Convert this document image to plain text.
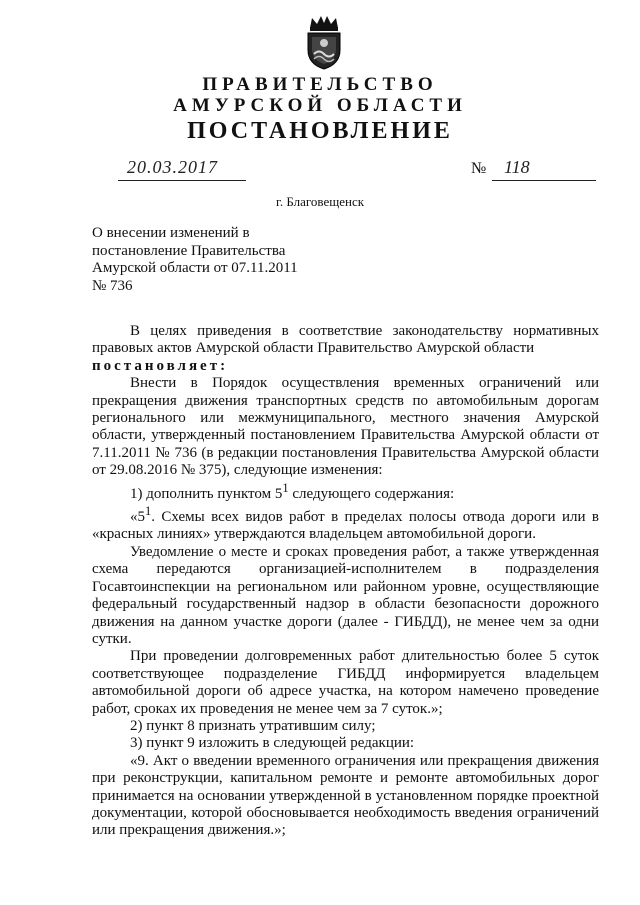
ПРАВИТЕЛЬСТВО
АМУРСКОЙ ОБЛАСТИ
ПОСТАНОВЛЕНИЕ
20.03.2017	№ 118
г. Благовещенск
О внесении изменений в
постановление Правительства
Амурской области от 07.11.2011
№ 736

В целях приведения в соответствие законодательству нормативных правовых актов Амурской области Правительство Амурской области

постановляет:

Внести в Порядок осуществления временных ограничений или прекращения движения транспортных средств по автомобильным дорогам регионального или межмуниципального, местного значения Амурской области, утвержденный постановлением Правительства Амурской области от 7.11.2011 № 736 (в редакции постановления Правительства Амурской области от 29.08.2016 № 375), следующие изменения:

1) дополнить пунктом $5^1$ следующего содержания:

«$5^1$. Схемы всех видов работ в пределах полосы отвода дороги или в «красных линиях» утверждаются владельцем автомобильной дороги.

Уведомление о месте и сроках проведения работ, а также утвержденная схема передаются организацией-исполнителем в подразделения Госавтоинспекции на региональном или районном уровне, осуществляющие федеральный государственный надзор в области безопасности дорожного движения на данном участке дороги (далее - ГИБДД), не менее чем за одни сутки.

При проведении долговременных работ длительностью более 5 суток соответствующее подразделение ГИБДД информируется владельцем автомобильной дороги об адресе участка, на котором намечено проведение работ, сроках их проведения не менее чем за 7 суток.»;

2) пункт 8 признать утратившим силу;

3) пункт 9 изложить в следующей редакции:

«9. Акт о введении временного ограничения или прекращения движения при реконструкции, капитальном ремонте и ремонте автомобильных дорог принимается на основании утвержденной в установленном порядке проектной документации, которой обосновывается необходимость введения ограничений или прекращения движения.»;
